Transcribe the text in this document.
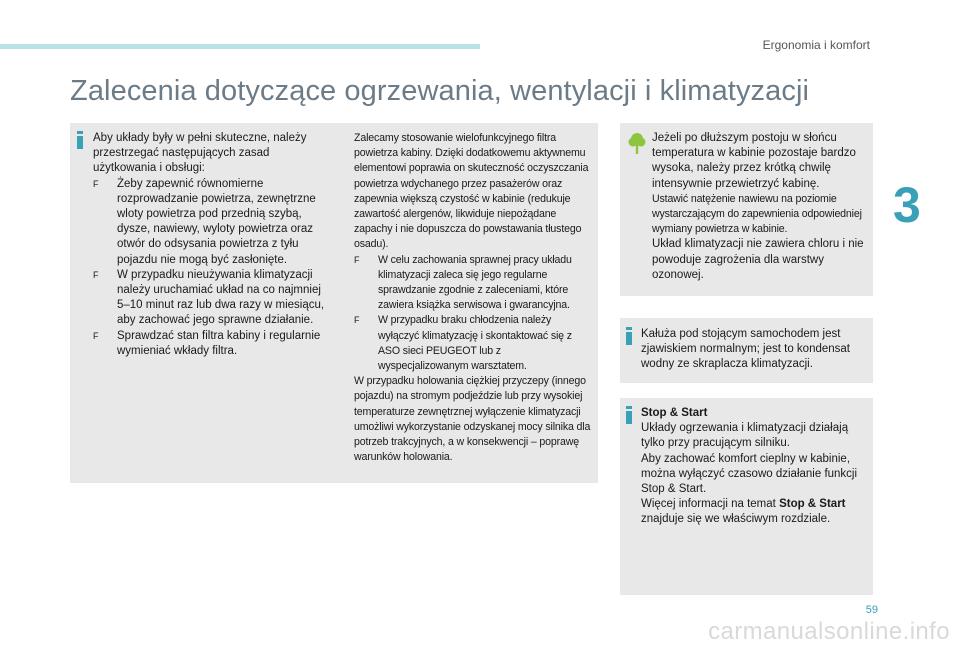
Ergonomia i komfort
Zalecenia dotyczące ogrzewania, wentylacji i klimatyzacji
3

Aby układy były w pełni skuteczne, należy przestrzegać następujących zasad użytkowania i obsługi:

F Żeby zapewnić równomierne rozprowadzanie powietrza, zewnętrzne wloty powietrza pod przednią szybą, dysze, nawiewy, wyloty powietrza oraz otwór do odsysania powietrza z tyłu pojazdu nie mogą być zasłonięte.
F W przypadku nieużywania klimatyzacji należy uruchamiać układ na co najmniej 5–10 minut raz lub dwa razy w miesiącu, aby zachować jego sprawne działanie.
F Sprawdzać stan filtra kabiny i regularnie wymieniać wkłady filtra.

Zalecamy stosowanie wielofunkcyjnego filtra powietrza kabiny. Dzięki dodatkowemu aktywnemu elementowi poprawia on skuteczność oczyszczania powietrza wdychanego przez pasażerów oraz zapewnia większą czystość w kabinie (redukuje zawartość alergenów, likwiduje niepożądane zapachy i nie dopuszcza do powstawania tłustego osadu).

F W celu zachowania sprawnej pracy układu klimatyzacji zaleca się jego regularne sprawdzanie zgodnie z zaleceniami, które zawiera książka serwisowa i gwarancyjna.
F W przypadku braku chłodzenia należy wyłączyć klimatyzację i skontaktować się z ASO sieci PEUGEOT lub z wyspecjalizowanym warsztatem.

W przypadku holowania ciężkiej przyczepy (innego pojazdu) na stromym podjeździe lub przy wysokiej temperaturze zewnętrznej wyłączenie klimatyzacji umożliwi wykorzystanie odzyskanej mocy silnika dla potrzeb trakcyjnych, a w konsekwencji – poprawę warunków holowania.

Jeżeli po dłuższym postoju w słońcu temperatura w kabinie pozostaje bardzo wysoka, należy przez krótką chwilę intensywnie przewietrzyć kabinę.

Ustawić natężenie nawiewu na poziomie wystarczającym do zapewnienia odpowiedniej wymiany powietrza w kabinie.

Układ klimatyzacji nie zawiera chloru i nie powoduje zagrożenia dla warstwy ozonowej.

Kałuża pod stojącym samochodem jest zjawiskiem normalnym; jest to kondensat wodny ze skraplacza klimatyzacji.

Stop & Start

Układy ogrzewania i klimatyzacji działają tylko przy pracującym silniku.

Aby zachować komfort cieplny w kabinie, można wyłączyć czasowo działanie funkcji Stop & Start.

Więcej informacji na temat Stop & Start znajduje się we właściwym rozdziale.

59
carmanualsonline.info
